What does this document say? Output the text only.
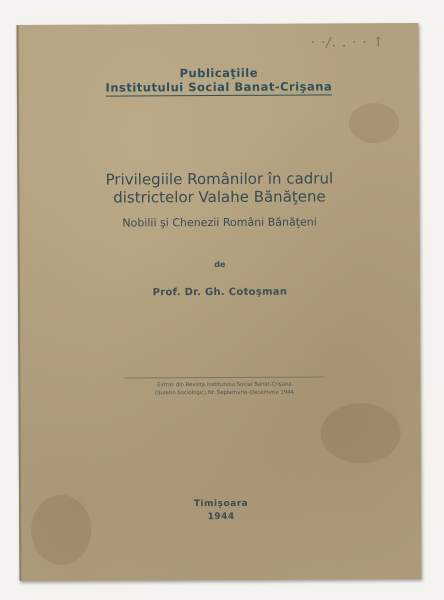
· ·/. . · · ↑
Publicaţiile
Institutului Social Banat-Crişana
Privilegiile Românilor în cadrul
districtelor Valahe Bănăţene
Nobilii şi Chenezii Români Bănăţeni
de
Prof. Dr. Gh. Cotoşman
Extras din Revista Institutului Social Banat-Crişana
(Buletin Sociologic) Nr. Septemvrie–Decemvrie 1944
Timişoara
1944
